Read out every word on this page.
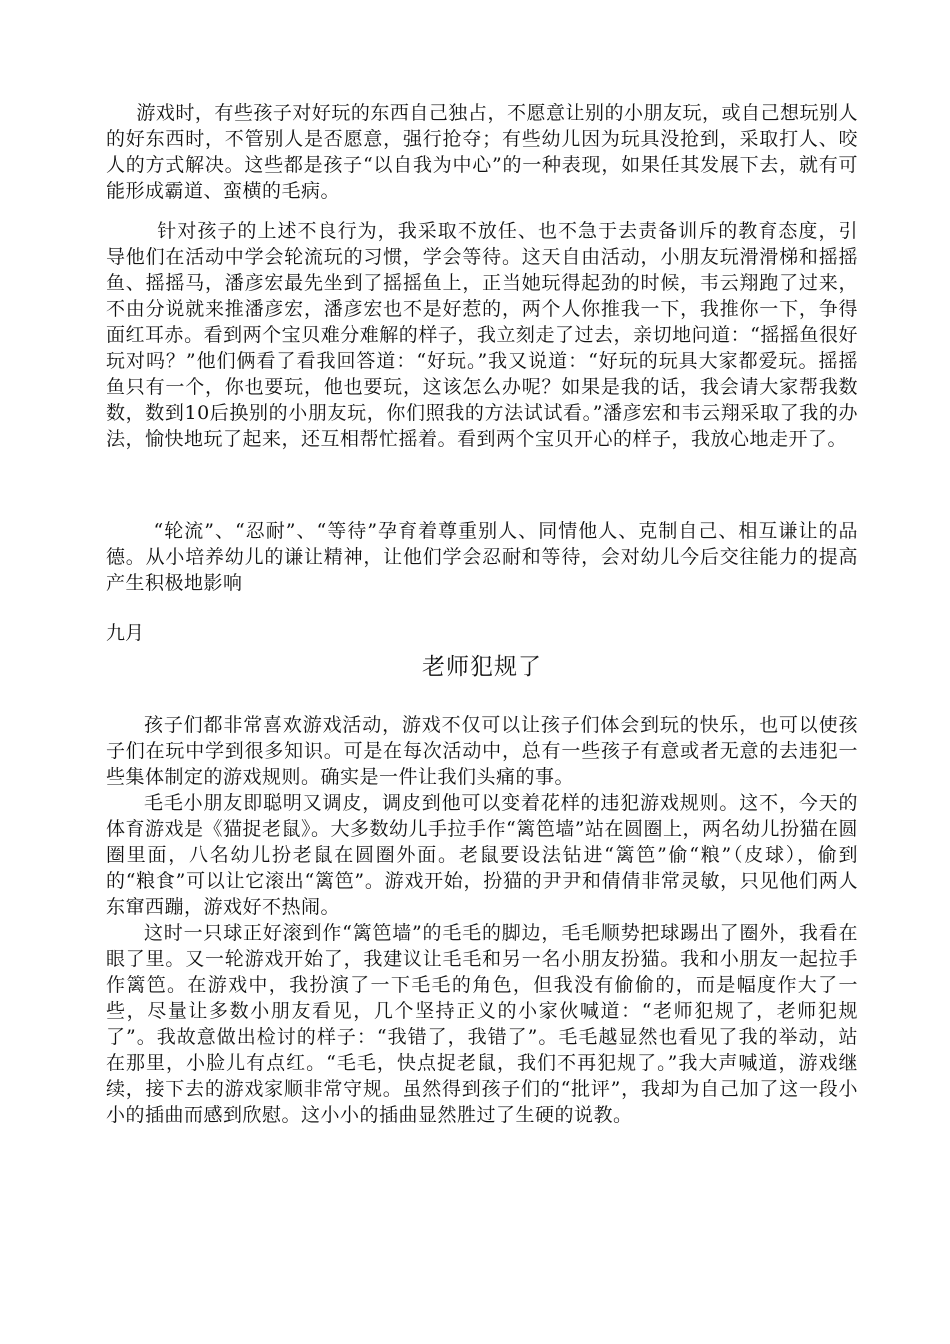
游戏时，有些孩子对好玩的东西自己独占，不愿意让别的小朋友玩，或自己想玩别人的好东西时，不管别人是否愿意，强行抢夺；有些幼儿因为玩具没抢到，采取打人、咬人的方式解决。这些都是孩子“以自我为中心”的一种表现，如果任其发展下去，就有可能形成霸道、蛮横的毛病。

针对孩子的上述不良行为，我采取不放任、也不急于去责备训斥的教育态度，引导他们在活动中学会轮流玩的习惯，学会等待。这天自由活动，小朋友玩滑滑梯和摇摇鱼、摇摇马，潘彦宏最先坐到了摇摇鱼上，正当她玩得起劲的时候，韦云翔跑了过来，不由分说就来推潘彦宏，潘彦宏也不是好惹的，两个人你推我一下，我推你一下，争得面红耳赤。看到两个宝贝难分难解的样子，我立刻走了过去，亲切地问道：“摇摇鱼很好玩对吗？”他们俩看了看我回答道：“好玩。”我又说道：“好玩的玩具大家都爱玩。摇摇鱼只有一个，你也要玩，他也要玩，这该怎么办呢？如果是我的话，我会请大家帮我数数，数到10后换别的小朋友玩，你们照我的方法试试看。”潘彦宏和韦云翔采取了我的办法，愉快地玩了起来，还互相帮忙摇着。看到两个宝贝开心的样子，我放心地走开了。

“轮流”、“忍耐”、“等待”孕育着尊重别人、同情他人、克制自己、相互谦让的品德。从小培养幼儿的谦让精神，让他们学会忍耐和等待，会对幼儿今后交往能力的提高产生积极地影响

九月

老师犯规了

孩子们都非常喜欢游戏活动，游戏不仅可以让孩子们体会到玩的快乐，也可以使孩子们在玩中学到很多知识。可是在每次活动中，总有一些孩子有意或者无意的去违犯一些集体制定的游戏规则。确实是一件让我们头痛的事。

毛毛小朋友即聪明又调皮，调皮到他可以变着花样的违犯游戏规则。这不，今天的体育游戏是《猫捉老鼠》。大多数幼儿手拉手作“篱笆墙”站在圆圈上，两名幼儿扮猫在圆圈里面，八名幼儿扮老鼠在圆圈外面。老鼠要设法钻进“篱笆”偷“粮”（皮球），偷到的“粮食”可以让它滚出“篱笆”。游戏开始，扮猫的尹尹和倩倩非常灵敏，只见他们两人东窜西蹦，游戏好不热闹。

这时一只球正好滚到作“篱笆墙”的毛毛的脚边，毛毛顺势把球踢出了圈外，我看在眼了里。又一轮游戏开始了，我建议让毛毛和另一名小朋友扮猫。我和小朋友一起拉手作篱笆。在游戏中，我扮演了一下毛毛的角色，但我没有偷偷的，而是幅度作大了一些，尽量让多数小朋友看见，几个坚持正义的小家伙喊道：“老师犯规了，老师犯规了”。我故意做出检讨的样子：“我错了，我错了”。毛毛越显然也看见了我的举动，站在那里，小脸儿有点红。“毛毛，快点捉老鼠，我们不再犯规了。”我大声喊道，游戏继续，接下去的游戏家顺非常守规。虽然得到孩子们的“批评”，我却为自己加了这一段小小的插曲而感到欣慰。这小小的插曲显然胜过了生硬的说教。
